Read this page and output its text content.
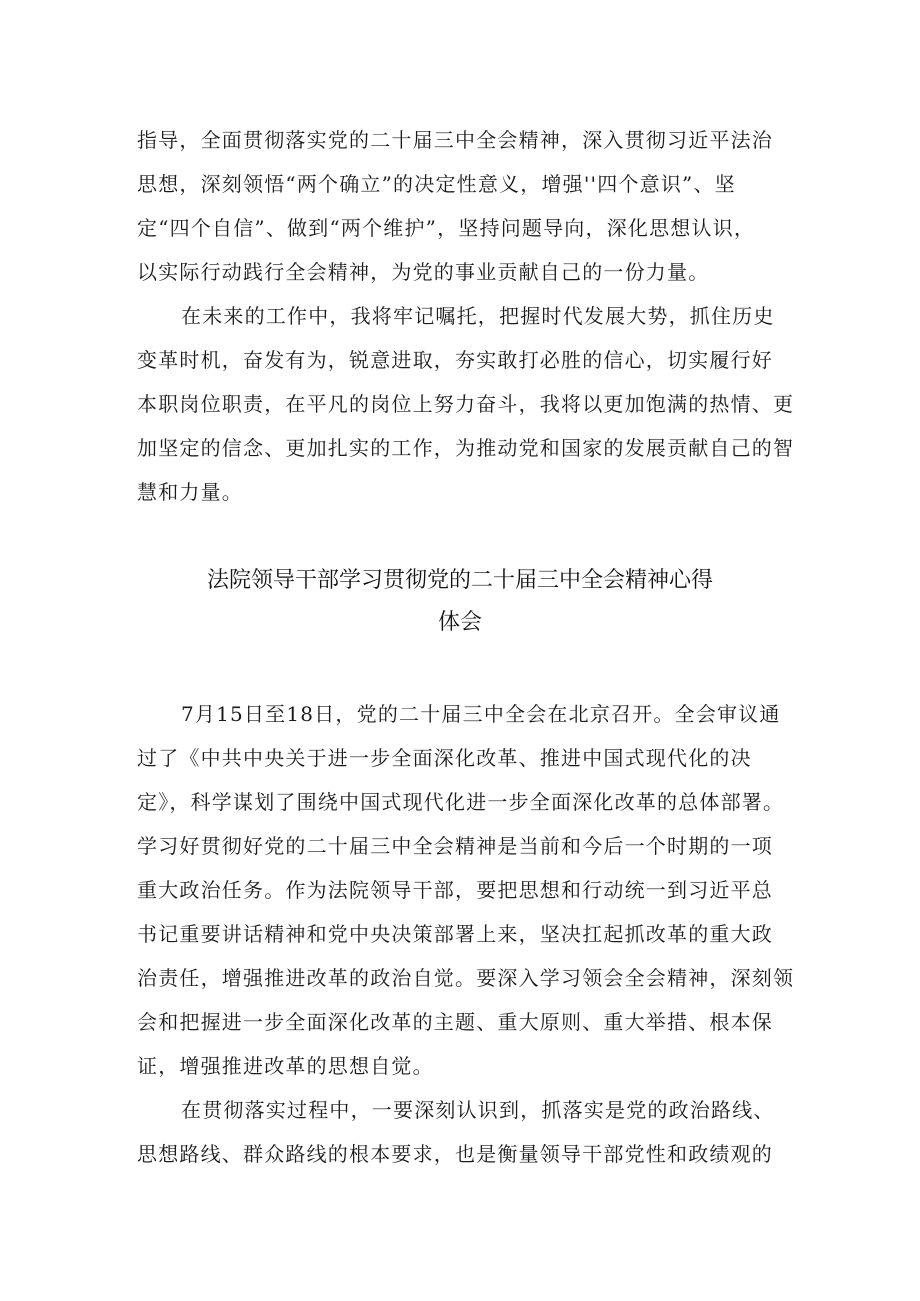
指导，全面贯彻落实党的二十届三中全会精神，深入贯彻习近平法治
思想，深刻领悟“两个确立”的决定性意义，增强''四个意识”、坚
定“四个自信”、做到“两个维护”，坚持问题导向，深化思想认识，
以实际行动践行全会精神，为党的事业贡献自己的一份力量。
在未来的工作中，我将牢记嘱托，把握时代发展大势，抓住历史
变革时机，奋发有为，锐意进取，夯实敢打必胜的信心，切实履行好
本职岗位职责，在平凡的岗位上努力奋斗，我将以更加饱满的热情、更
加坚定的信念、更加扎实的工作，为推动党和国家的发展贡献自己的智
慧和力量。
法院领导干部学习贯彻党的二十届三中全会精神心得
体会
7月15日至18日，党的二十届三中全会在北京召开。全会审议通
过了《中共中央关于进一步全面深化改革、推进中国式现代化的决
定》，科学谋划了围绕中国式现代化进一步全面深化改革的总体部署。
学习好贯彻好党的二十届三中全会精神是当前和今后一个时期的一项
重大政治任务。作为法院领导干部，要把思想和行动统一到习近平总
书记重要讲话精神和党中央决策部署上来，坚决扛起抓改革的重大政
治责任，增强推进改革的政治自觉。要深入学习领会全会精神，深刻领
会和把握进一步全面深化改革的主题、重大原则、重大举措、根本保
证，增强推进改革的思想自觉。
在贯彻落实过程中，一要深刻认识到，抓落实是党的政治路线、
思想路线、群众路线的根本要求，也是衡量领导干部党性和政绩观的
